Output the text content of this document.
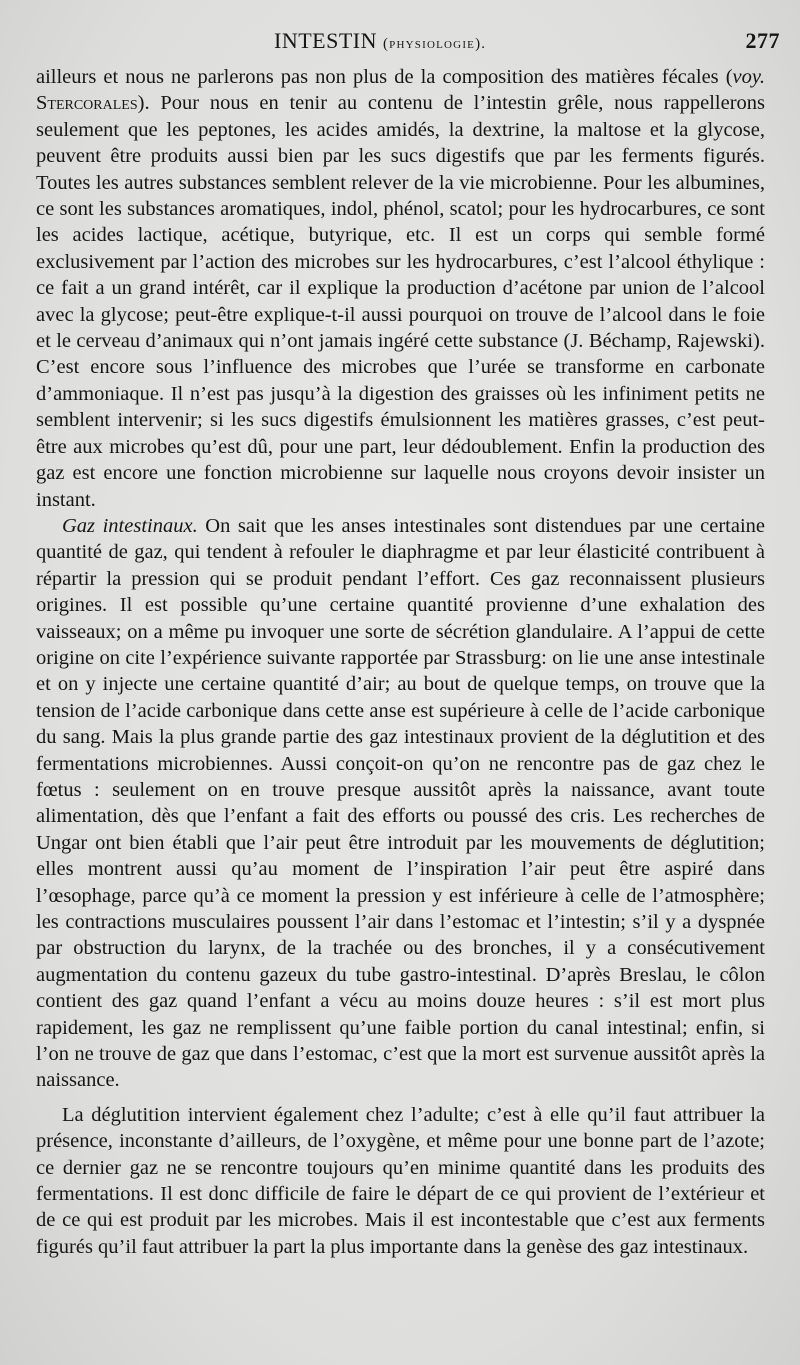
INTESTIN (physiologie).	277

ailleurs et nous ne parlerons pas non plus de la composition des matières fécales (voy. Stercorales). Pour nous en tenir au contenu de l’intestin grêle, nous rappellerons seulement que les peptones, les acides amidés, la dextrine, la maltose et la glycose, peuvent être produits aussi bien par les sucs digestifs que par les ferments figurés. Toutes les autres substances semblent relever de la vie microbienne. Pour les albumines, ce sont les substances aromatiques, indol, phénol, scatol; pour les hydrocarbures, ce sont les acides lactique, acétique, butyrique, etc. Il est un corps qui semble formé exclusivement par l’action des microbes sur les hydrocarbures, c’est l’alcool éthylique : ce fait a un grand intérêt, car il explique la production d’acétone par union de l’alcool avec la glycose; peut-être explique-t-il aussi pourquoi on trouve de l’alcool dans le foie et le cerveau d’animaux qui n’ont jamais ingéré cette substance (J. Béchamp, Rajewski). C’est encore sous l’influence des microbes que l’urée se transforme en carbonate d’ammoniaque. Il n’est pas jusqu’à la digestion des graisses où les infiniment petits ne semblent intervenir; si les sucs digestifs émulsionnent les matières grasses, c’est peut-être aux microbes qu’est dû, pour une part, leur dédoublement. Enfin la production des gaz est encore une fonction microbienne sur laquelle nous croyons devoir insister un instant.

Gaz intestinaux. On sait que les anses intestinales sont distendues par une certaine quantité de gaz, qui tendent à refouler le diaphragme et par leur élasticité contribuent à répartir la pression qui se produit pendant l’effort. Ces gaz reconnaissent plusieurs origines. Il est possible qu’une certaine quantité provienne d’une exhalation des vaisseaux; on a même pu invoquer une sorte de sécrétion glandulaire. A l’appui de cette origine on cite l’expérience suivante rapportée par Strassburg: on lie une anse intestinale et on y injecte une certaine quantité d’air; au bout de quelque temps, on trouve que la tension de l’acide carbonique dans cette anse est supérieure à celle de l’acide carbonique du sang. Mais la plus grande partie des gaz intestinaux provient de la déglutition et des fermentations microbiennes. Aussi conçoit-on qu’on ne rencontre pas de gaz chez le fœtus : seulement on en trouve presque aussitôt après la naissance, avant toute alimentation, dès que l’enfant a fait des efforts ou poussé des cris. Les recherches de Ungar ont bien établi que l’air peut être introduit par les mouvements de déglutition; elles montrent aussi qu’au moment de l’inspiration l’air peut être aspiré dans l’œsophage, parce qu’à ce moment la pression y est inférieure à celle de l’atmosphère; les contractions musculaires poussent l’air dans l’estomac et l’intestin; s’il y a dyspnée par obstruction du larynx, de la trachée ou des bronches, il y a consécutivement augmentation du contenu gazeux du tube gastro-intestinal. D’après Breslau, le côlon contient des gaz quand l’enfant a vécu au moins douze heures : s’il est mort plus rapidement, les gaz ne remplissent qu’une faible portion du canal intestinal; enfin, si l’on ne trouve de gaz que dans l’estomac, c’est que la mort est survenue aussitôt après la naissance.

La déglutition intervient également chez l’adulte; c’est à elle qu’il faut attribuer la présence, inconstante d’ailleurs, de l’oxygène, et même pour une bonne part de l’azote; ce dernier gaz ne se rencontre toujours qu’en minime quantité dans les produits des fermentations. Il est donc difficile de faire le départ de ce qui provient de l’extérieur et de ce qui est produit par les microbes. Mais il est incontestable que c’est aux ferments figurés qu’il faut attribuer la part la plus importante dans la genèse des gaz intestinaux.
